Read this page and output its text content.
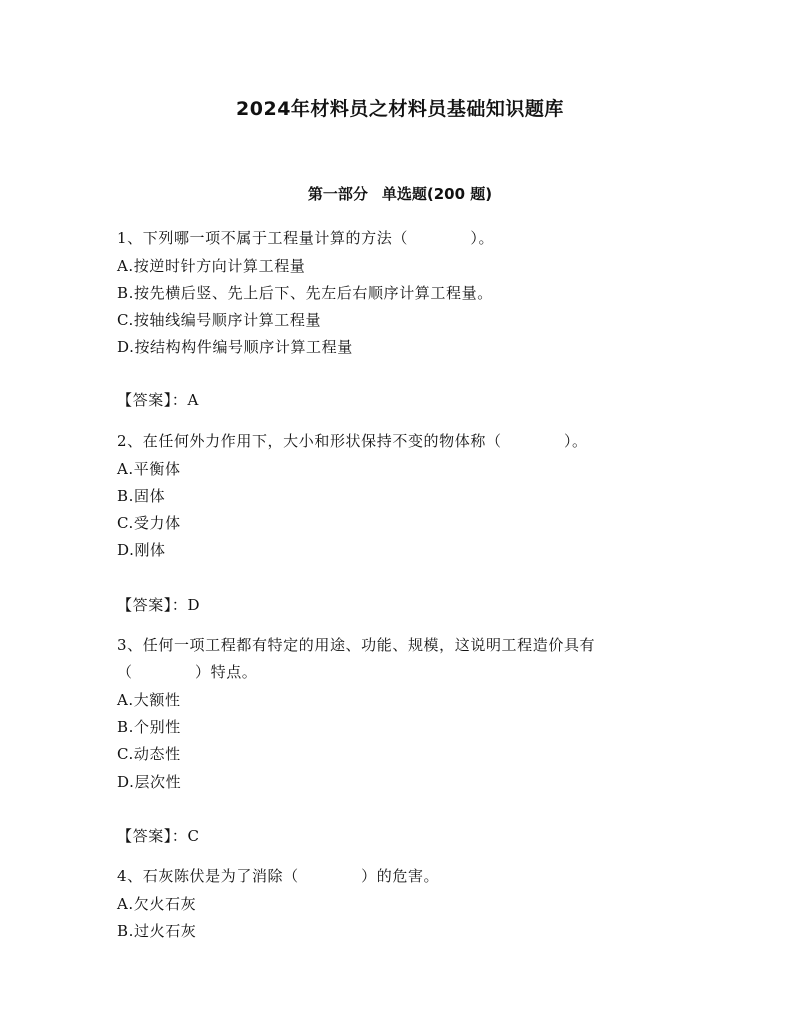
2024年材料员之材料员基础知识题库
第一部分 单选题(200 题)
1、下列哪一项不属于工程量计算的方法（　　　　）。
A.按逆时针方向计算工程量
B.按先横后竖、先上后下、先左后右顺序计算工程量。
C.按轴线编号顺序计算工程量
D.按结构构件编号顺序计算工程量
【答案】：A
2、在任何外力作用下，大小和形状保持不变的物体称（　　　　）。
A.平衡体
B.固体
C.受力体
D.刚体
【答案】：D
3、任何一项工程都有特定的用途、功能、规模，这说明工程造价具有
（　　　　）特点。
A.大额性
B.个别性
C.动态性
D.层次性
【答案】：C
4、石灰陈伏是为了消除（　　　　）的危害。
A.欠火石灰
B.过火石灰
